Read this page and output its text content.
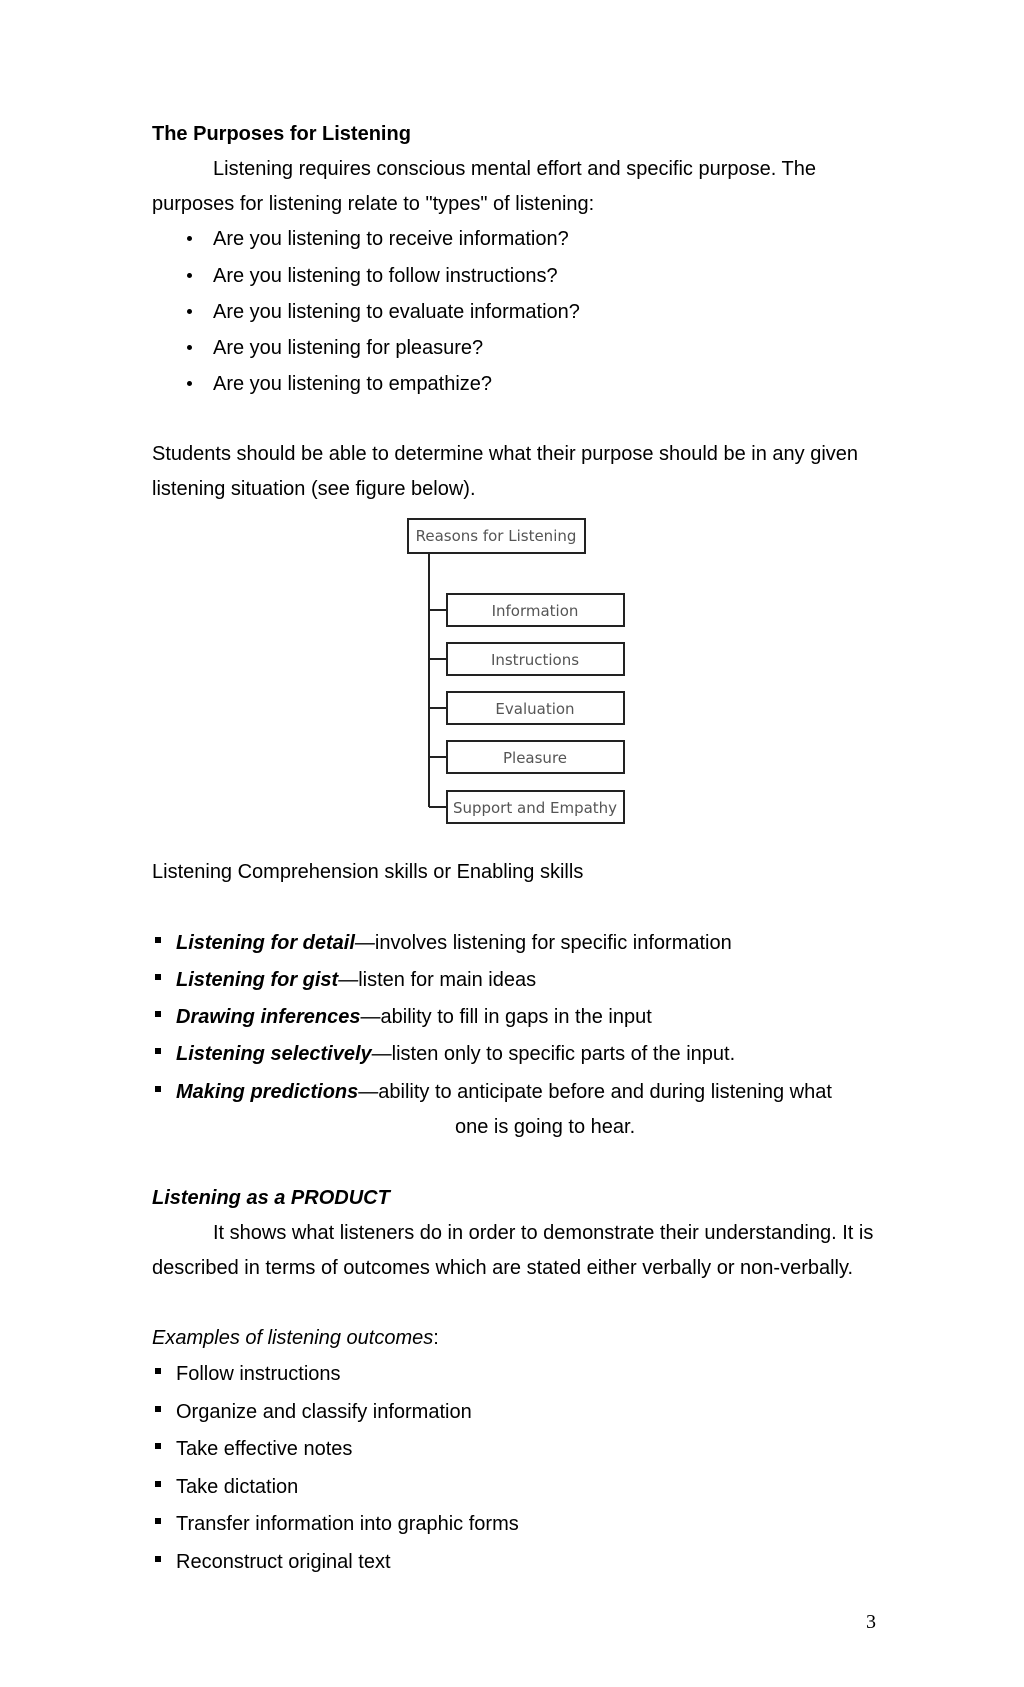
The Purposes for Listening

Listening requires conscious mental effort and specific purpose. The

purposes for listening relate to "types" of listening:

Are you listening to receive information?

Are you listening to follow instructions?

Are you listening to evaluate information?

Are you listening for pleasure?

Are you listening to empathize?

Students should be able to determine what their purpose should be in any given

listening situation (see figure below).

Reasons for Listening
Information
Instructions
Evaluation
Pleasure
Support and Empathy

Listening Comprehension skills or Enabling skills

Listening for detail—involves listening for specific information

Listening for gist—listen for main ideas

Drawing inferences—ability to fill in gaps in the input

Listening selectively—listen only to specific parts of the input.

Making predictions—ability to anticipate before and during listening what

one is going to hear.

Listening as a PRODUCT

It shows what listeners do in order to demonstrate their understanding. It is

described in terms of outcomes which are stated either verbally or non-verbally.

Examples of listening outcomes:

Follow instructions

Organize and classify information

Take effective notes

Take dictation

Transfer information into graphic forms

Reconstruct original text

3
